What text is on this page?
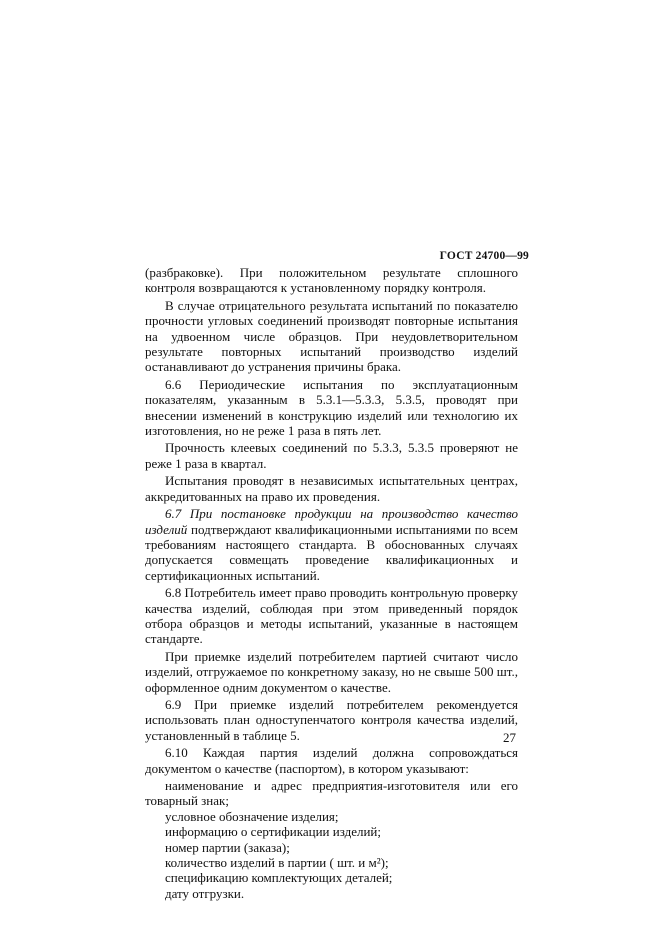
ГОСТ 24700—99

(разбраковке). При положительном результате сплошного контроля возвращаются к установленному порядку контроля.

В случае отрицательного результата испытаний по показателю прочности угловых соединений производят повторные испытания на удвоенном числе образцов. При неудовлетворительном результате повторных испытаний производство изделий останавливают до устранения причины брака.

6.6 Периодические испытания по эксплуатационным показателям, указанным в 5.3.1—5.3.3, 5.3.5, проводят при внесении изменений в конструкцию изделий или технологию их изготовления, но не реже 1 раза в пять лет.

Прочность клеевых соединений по 5.3.3, 5.3.5 проверяют не реже 1 раза в квартал.

Испытания проводят в независимых испытательных центрах, аккредитованных на право их проведения.

6.7 При постановке продукции на производство качество изделий подтверждают квалификационными испытаниями по всем требованиям настоящего стандарта. В обоснованных случаях допускается совмещать проведение квалификационных и сертификационных испытаний.

6.8 Потребитель имеет право проводить контрольную проверку качества изделий, соблюдая при этом приведенный порядок отбора образцов и методы испытаний, указанные в настоящем стандарте.

При приемке изделий потребителем партией считают число изделий, отгружаемое по конкретному заказу, но не свыше 500 шт., оформленное одним документом о качестве.

6.9 При приемке изделий потребителем рекомендуется использовать план одноступенчатого контроля качества изделий, установленный в таблице 5.

6.10 Каждая партия изделий должна сопровождаться документом о качестве (паспортом), в котором указывают:

наименование и адрес предприятия-изготовителя или его товарный знак;

условное обозначение изделия;

информацию о сертификации изделий;

номер партии (заказа);

количество изделий в партии ( шт. и м²);

спецификацию комплектующих деталей;

дату отгрузки.

27
